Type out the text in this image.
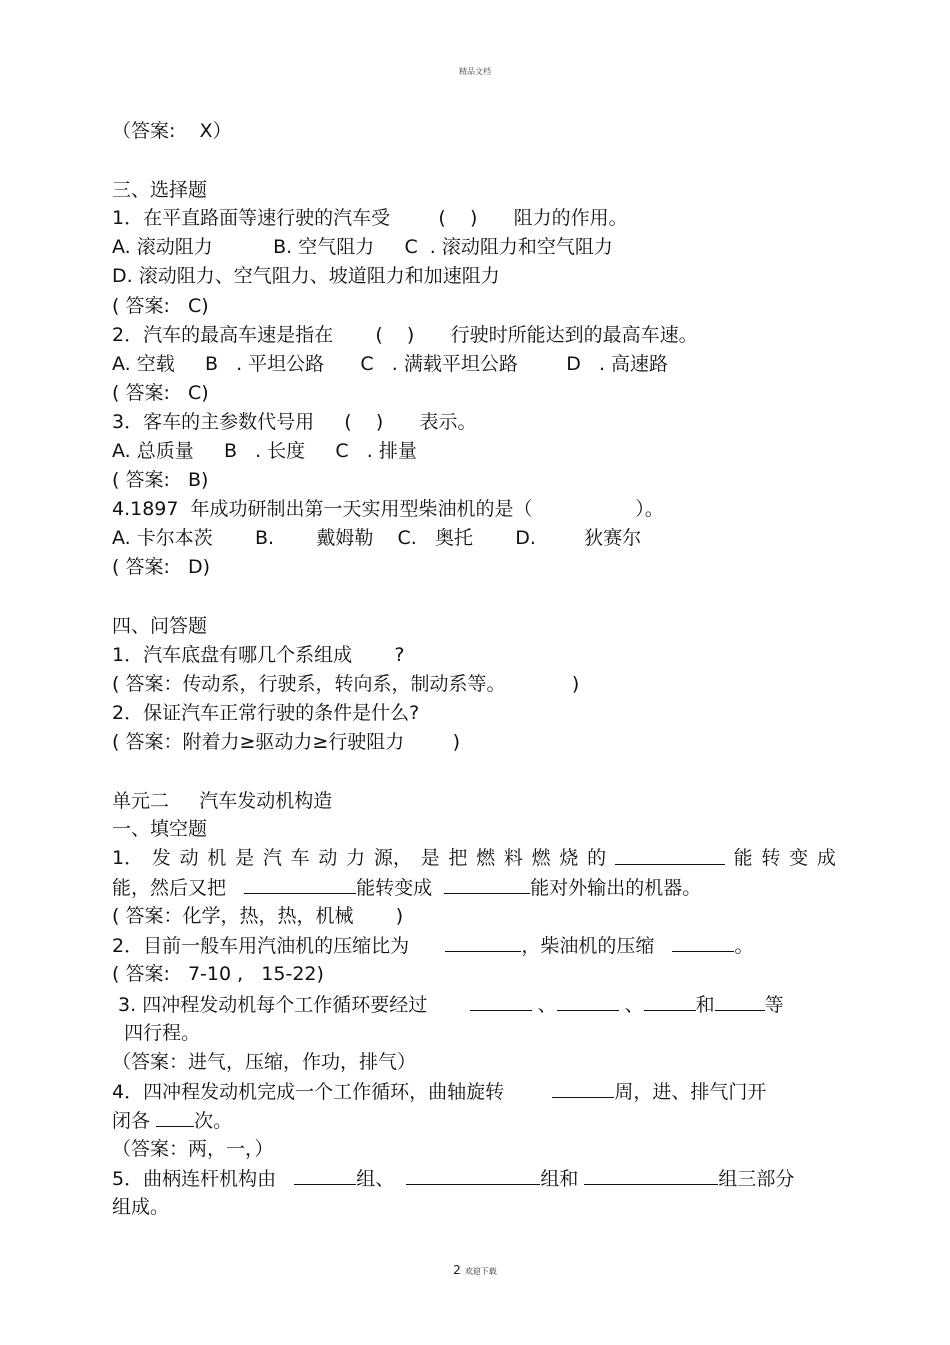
精品文档
（答案:    X）
三、选择题
1．在平直路面等速行驶的汽车受        (    )      阻力的作用。
A. 滚动阻力          B. 空气阻力     C  . 滚动阻力和空气阻力
D. 滚动阻力、空气阻力、坡道阻力和加速阻力
( 答案:   C)
2．汽车的最高车速是指在       (    )      行驶时所能达到的最高车速。
A. 空载     B   . 平坦公路      C   . 满载平坦公路        D   . 高速路
( 答案:   C)
3．客车的主参数代号用     (    )      表示。
A. 总质量     B   . 长度     C   . 排量
( 答案:   B)
4.1897  年成功研制出第一天实用型柴油机的是（                 ）。
A. 卡尔本茨       B.       戴姆勒    C.   奥托       D.        狄赛尔
( 答案:   D)
四、问答题
1．汽车底盘有哪几个系组成       ?
( 答案：传动系，行驶系，转向系，制动系等。           )
2．保证汽车正常行驶的条件是什么?
( 答案：附着力≥驱动力≥行驶阻力        )
单元二     汽车发动机构造
一、填空题
1． 发 动 机 是 汽 车 动 力 源， 是 把 燃 料 燃 烧 的	能 转 变 成
能，然后又把	能转变成	能对外输出的机器。
( 答案：化学，热，热，机械       )
2．目前一般车用汽油机的压缩比为	，柴油机的压缩	。
( 答案:   7-10 ,   15-22)
3. 四冲程发动机每个工作循环要经过	、	、	和	等
四行程。
（答案：进气，压缩，作功，排气）
4．四冲程发动机完成一个工作循环，曲轴旋转	周，进、排气门开
闭各 次。
（答案：两，一，）
5．曲柄连杆机构由	组、	组和	组三部分
组成。
2 欢迎下载
